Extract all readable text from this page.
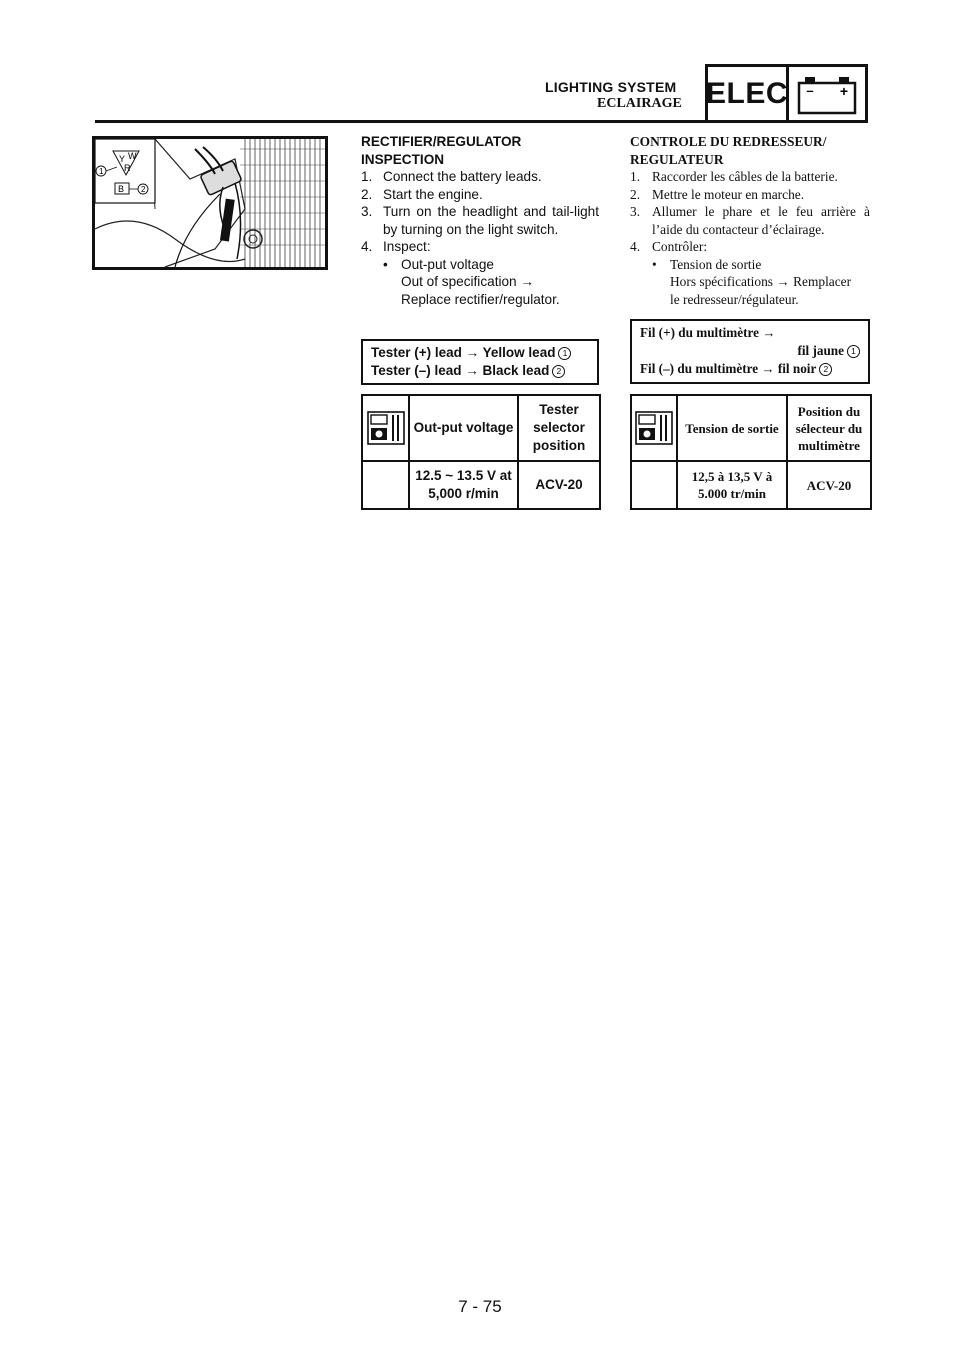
LIGHTING SYSTEM
ECLAIRAGE ELEC – +
Y W
R
B
1
2
RECTIFIER/REGULATOR
INSPECTION
1. Connect the battery leads.
2. Start the engine.
3. Turn on the headlight and tail-light by turning on the light switch.
4. Inspect:
• Out-put voltage
Out of specification →
Replace rectifier/regulator.
Tester (+) lead → Yellow lead 1
Tester (–) lead → Black lead 2
	Out-put voltage	Tester selector position
	12.5 ~ 13.5 V at 5,000 r/min	ACV-20
CONTROLE DU REDRESSEUR/
REGULATEUR
1. Raccorder les câbles de la batterie.
2. Mettre le moteur en marche.
3. Allumer le phare et le feu arrière à l’aide du contacteur d’éclairage.
4. Contrôler:
• Tension de sortie
Hors spécifications → Remplacer
le redresseur/régulateur.
Fil (+) du multimètre →
fil jaune 1
Fil (–) du multimètre → fil noir 2
	Tension de sortie	Position du sélecteur du multimètre
	12,5 à 13,5 V à 5.000 tr/min	ACV-20
7 - 75
